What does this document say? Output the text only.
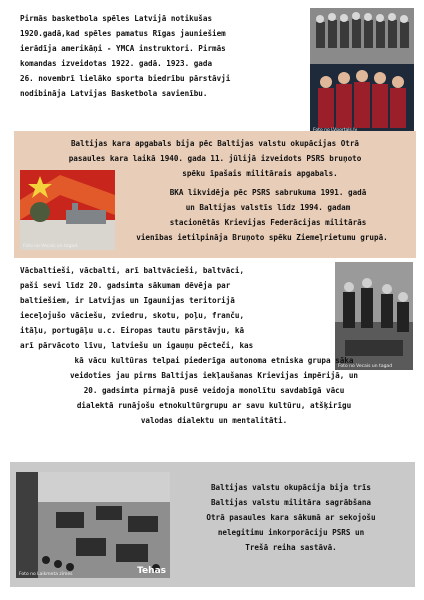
Pirmās basketbola spēles Latvijā notikušas
1920.gadā,kad spēles pamatus Rīgas jauniešiem
ierādīja amerikāņi - YMCA instruktori. Pirmās
komandas izveidotas 1922. gadā. 1923. gada
26. novembrī lielāko sporta biedrību pārstāvji
nodibināja Latvijas Basketbola savienību.
Baltijas kara apgabals bija pēc Baltijas valstu okupācijas Otrā
pasaules kara laikā 1940. gada 11. jūlijā izveidots PSRS bruņoto
spēku īpašais militārais apgabals.
BKA likvidēja pēc PSRS sabrukuma 1991. gadā
un Baltijas valstīs līdz 1994. gadam
stacionētās Krievijas Federācijas militārās
vienības ietilpināja Bruņoto spēku Ziemeļrietumu grupā.
Foto no Vecais un tagad
Vācbaltieši, vācbalti, arī baltvācieši, baltvāci,
paši sevi līdz 20. gadsimta sākumam dēvēja par
baltiešiem, ir Latvijas un Igaunijas teritorijā
ieceļojušo vāciešu, zviedru, skotu, poļu, franču,
itāļu, portugāļu u.c. Eiropas tautu pārstāvju, kā
arī pārvācoto līvu, latviešu un igauņu pēcteči, kas
Foto no Vecais un tagad
kā vācu kultūras telpai piederīga autonoma etniska grupa sāka
veidoties jau pirms Baltijas iekļaušanas Krievijas impērijā, un
20. gadsimta pirmajā pusē veidoja monolītu savdabīgā vācu
dialektā runājošu etnokultūrgrupu ar savu kultūru, atšķirīgu
valodas dialektu un mentalitāti.
Foto no Laikmeta zīmes	Tehas
Baltijas valstu okupācija bija trīs
Baltijas valstu militāra sagrābšana
Otrā pasaules kara sākumā ar sekojošu
nelegitimu inkorporāciju PSRS un
Trešā reiha sastāvā.
